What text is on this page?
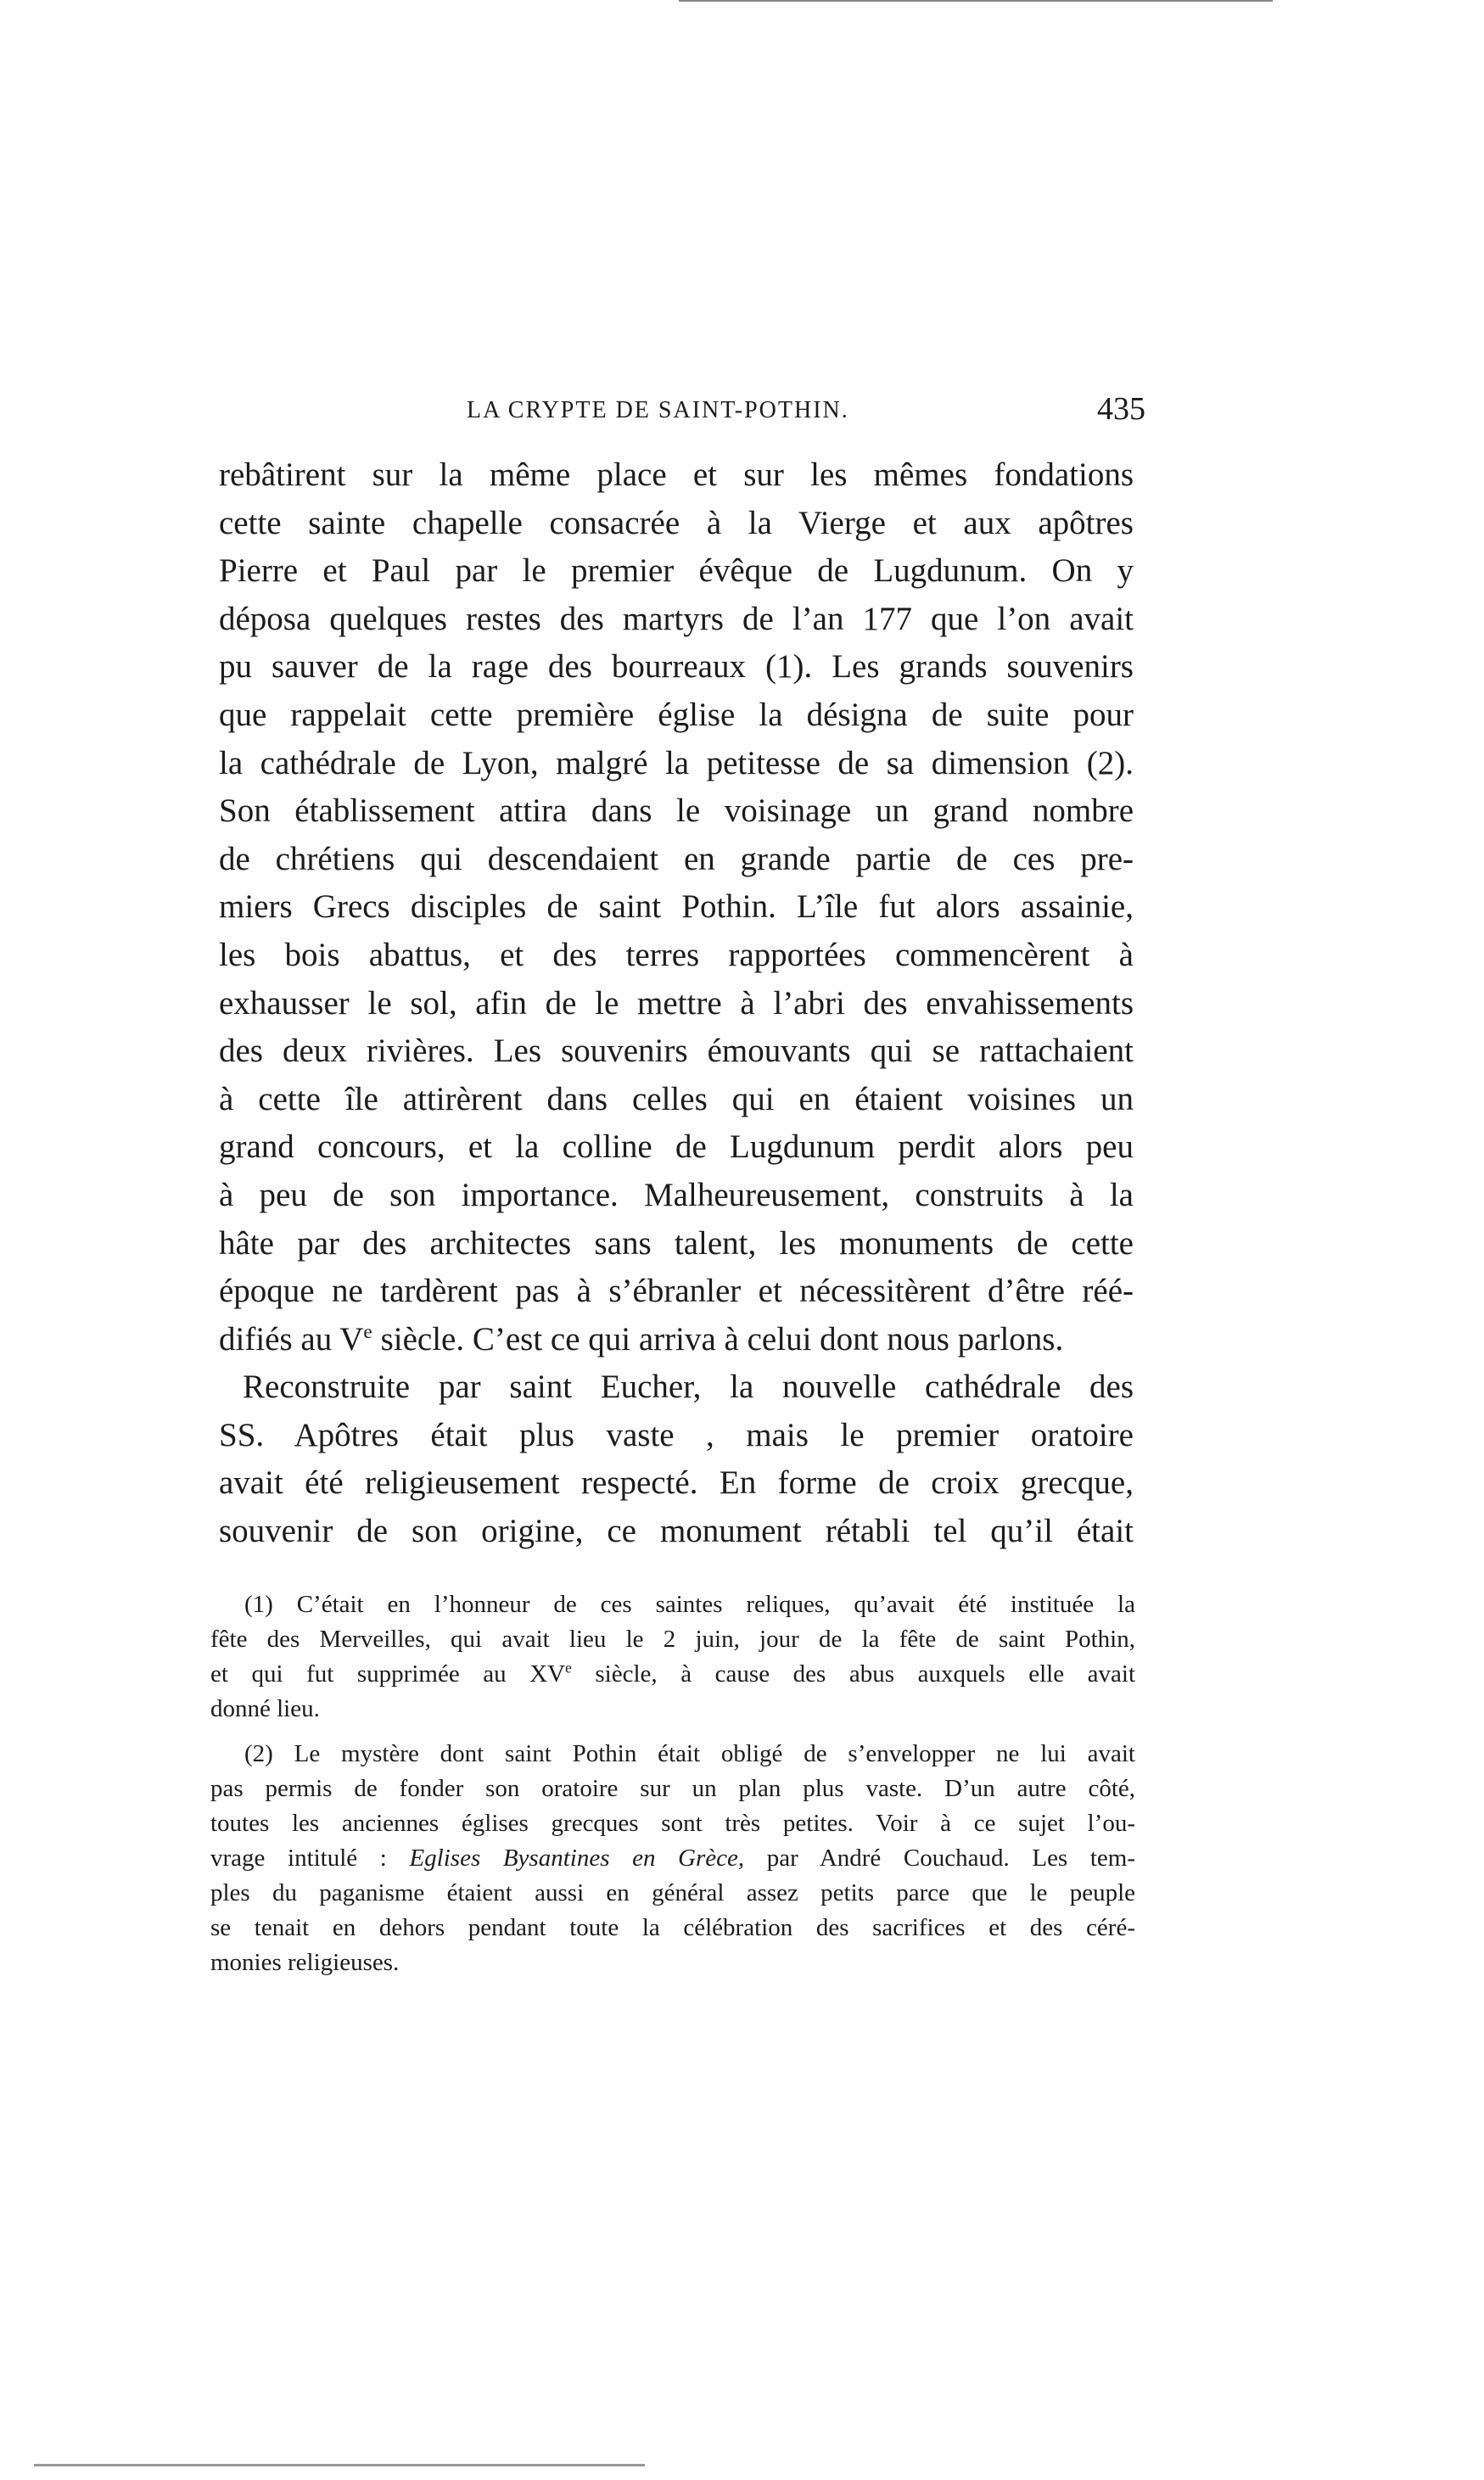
LA CRYPTE DE SAINT-POTHIN.	435
rebâtirent sur la même place et sur les mêmes fondations
cette sainte chapelle consacrée à la Vierge et aux apôtres
Pierre et Paul par le premier évêque de Lugdunum. On y
déposa quelques restes des martyrs de l’an 177 que l’on avait
pu sauver de la rage des bourreaux (1). Les grands souvenirs
que rappelait cette première église la désigna de suite pour
la cathédrale de Lyon, malgré la petitesse de sa dimension (2).
Son établissement attira dans le voisinage un grand nombre
de chrétiens qui descendaient en grande partie de ces pre-
miers Grecs disciples de saint Pothin. L’île fut alors assainie,
les bois abattus, et des terres rapportées commencèrent à
exhausser le sol, afin de le mettre à l’abri des envahissements
des deux rivières. Les souvenirs émouvants qui se rattachaient
à cette île attirèrent dans celles qui en étaient voisines un
grand concours, et la colline de Lugdunum perdit alors peu
à peu de son importance. Malheureusement, construits à la
hâte par des architectes sans talent, les monuments de cette
époque ne tardèrent pas à s’ébranler et nécessitèrent d’être réé-
difiés au Ve siècle. C’est ce qui arriva à celui dont nous parlons.
Reconstruite par saint Eucher, la nouvelle cathédrale des
SS. Apôtres était plus vaste , mais le premier oratoire
avait été religieusement respecté. En forme de croix grecque,
souvenir de son origine, ce monument rétabli tel qu’il était
(1) C’était en l’honneur de ces saintes reliques, qu’avait été instituée la
fête des Merveilles, qui avait lieu le 2 juin, jour de la fête de saint Pothin,
et qui fut supprimée au XVe siècle, à cause des abus auxquels elle avait
donné lieu.
(2) Le mystère dont saint Pothin était obligé de s’envelopper ne lui avait
pas permis de fonder son oratoire sur un plan plus vaste. D’un autre côté,
toutes les anciennes églises grecques sont très petites. Voir à ce sujet l’ou-
vrage intitulé : Eglises Bysantines en Grèce, par André Couchaud. Les tem-
ples du paganisme étaient aussi en général assez petits parce que le peuple
se tenait en dehors pendant toute la célébration des sacrifices et des céré-
monies religieuses.
